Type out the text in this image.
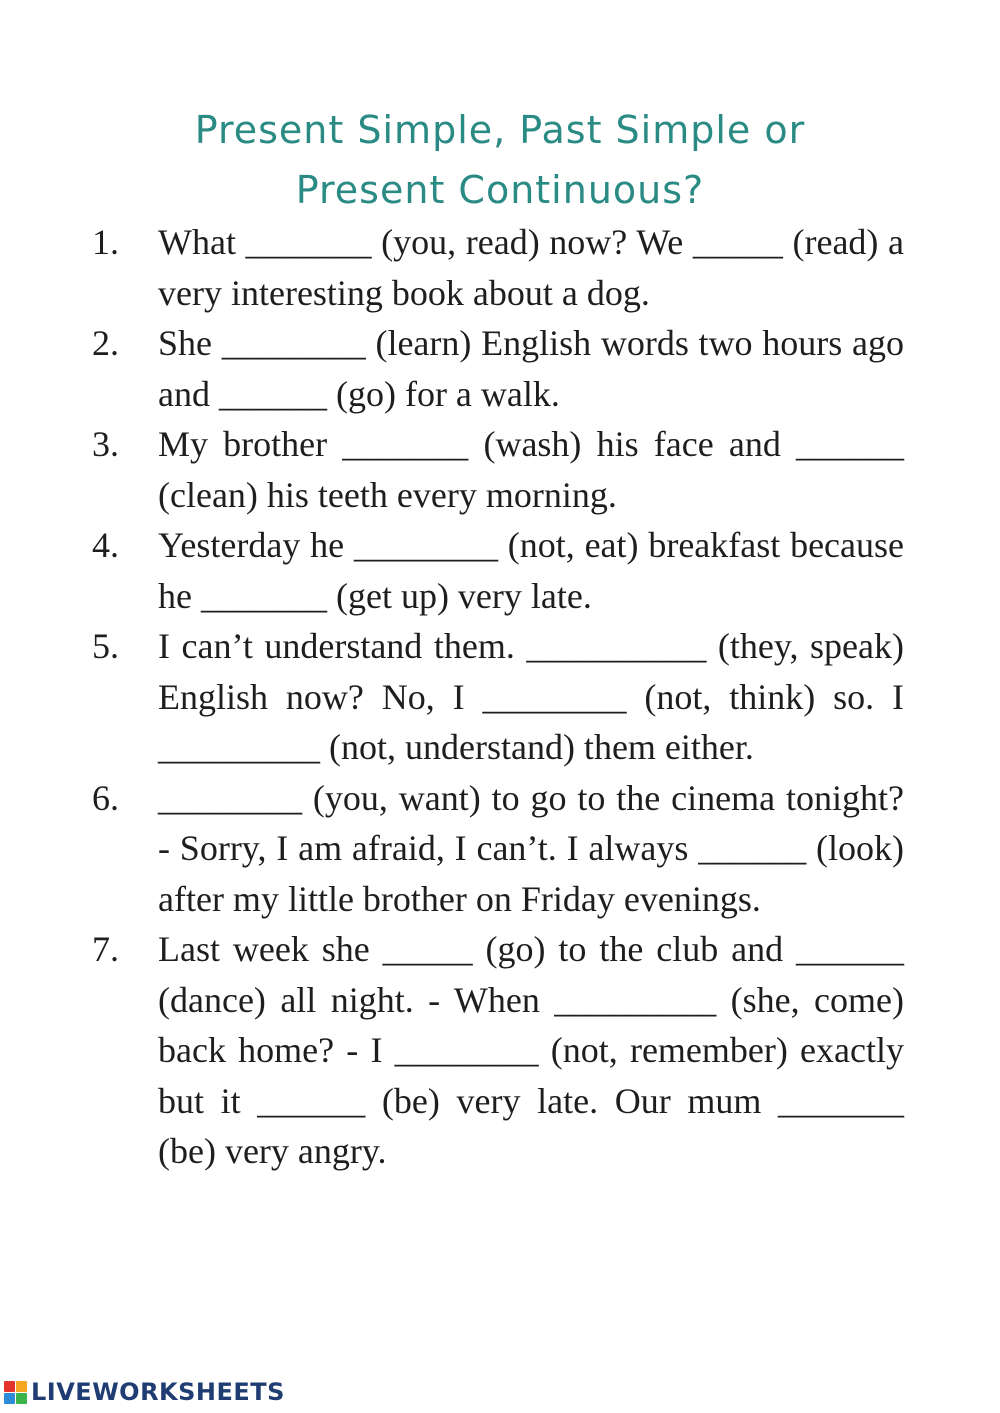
Present Simple, Past Simple or
Present Continuous?
1. What _______ (you, read) now? We _____ (read) a very interesting book about a dog.
2. She ________ (learn) English words two hours ago and ______ (go) for a walk.
3. My brother _______ (wash) his face and ______ (clean) his teeth every morning.
4. Yesterday he ________ (not, eat) breakfast because he _______ (get up) very late.
5. I can’t understand them. __________ (they, speak) English now? No, I ________ (not, think) so. I _________ (not, understand) them either.
6. ________ (you, want) to go to the cinema tonight? - Sorry, I am afraid, I can’t. I always ______ (look) after my little brother on Friday evenings.
7. Last week she _____ (go) to the club and ______ (dance) all night. - When _________ (she, come) back home? - I ________ (not, remember) exactly but it ______ (be) very late. Our mum _______ (be) very angry.
LIVEWORKSHEETS
